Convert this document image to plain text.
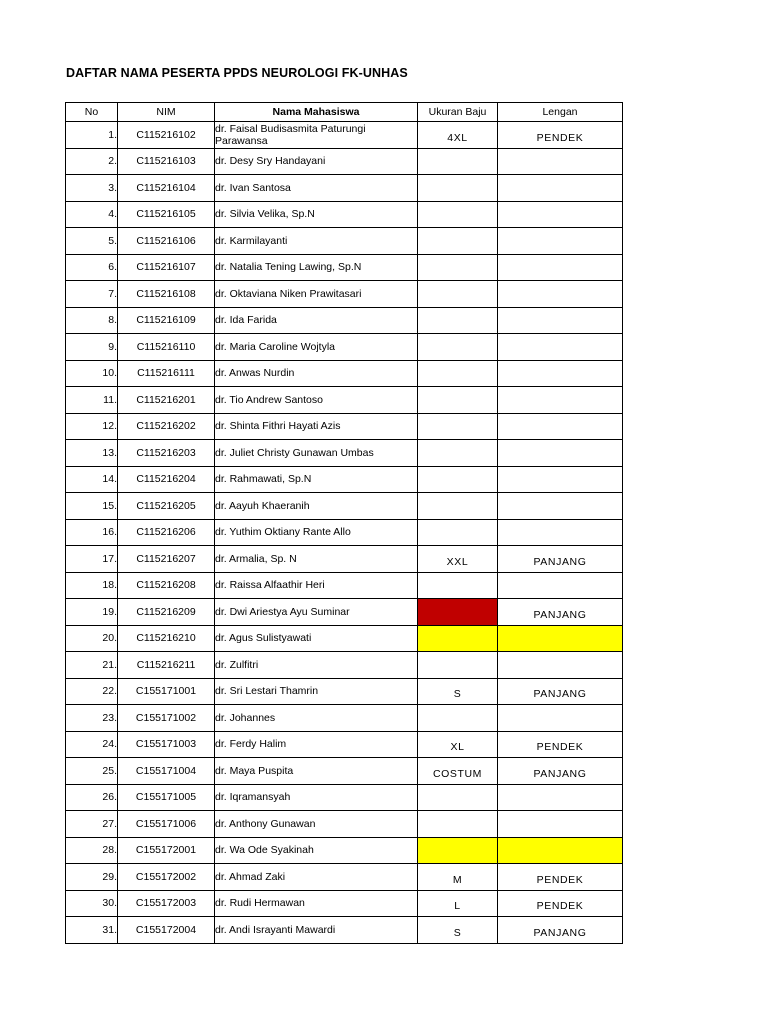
DAFTAR NAMA PESERTA PPDS NEUROLOGI FK-UNHAS
No	NIM	Nama Mahasiswa	Ukuran Baju	Lengan
1.	C115216102	dr. Faisal Budisasmita Paturungi Parawansa	4XL	PENDEK
2.	C115216103	dr. Desy Sry Handayani		
3.	C115216104	dr. Ivan Santosa		
4.	C115216105	dr. Silvia Velika, Sp.N		
5.	C115216106	dr. Karmilayanti		
6.	C115216107	dr. Natalia Tening Lawing, Sp.N		
7.	C115216108	dr. Oktaviana Niken Prawitasari		
8.	C115216109	dr. Ida Farida		
9.	C115216110	dr. Maria Caroline Wojtyla		
10.	C115216111	dr. Anwas Nurdin		
11.	C115216201	dr. Tio Andrew Santoso		
12.	C115216202	dr. Shinta Fithri Hayati Azis		
13.	C115216203	dr. Juliet Christy Gunawan Umbas		
14.	C115216204	dr. Rahmawati, Sp.N		
15.	C115216205	dr. Aayuh Khaeranih		
16.	C115216206	dr. Yuthim Oktiany Rante Allo		
17.	C115216207	dr. Armalia, Sp. N	XXL	PANJANG
18.	C115216208	dr. Raissa Alfaathir Heri		
19.	C115216209	dr. Dwi Ariestya Ayu Suminar		PANJANG
20.	C115216210	dr. Agus Sulistyawati		
21.	C115216211	dr. Zulfitri		
22.	C155171001	dr. Sri Lestari Thamrin	S	PANJANG
23.	C155171002	dr. Johannes		
24.	C155171003	dr. Ferdy Halim	XL	PENDEK
25.	C155171004	dr. Maya Puspita	COSTUM	PANJANG
26.	C155171005	dr. Iqramansyah		
27.	C155171006	dr. Anthony Gunawan		
28.	C155172001	dr. Wa Ode Syakinah		
29.	C155172002	dr. Ahmad Zaki	M	PENDEK
30.	C155172003	dr. Rudi Hermawan	L	PENDEK
31.	C155172004	dr. Andi Israyanti Mawardi	S	PANJANG
